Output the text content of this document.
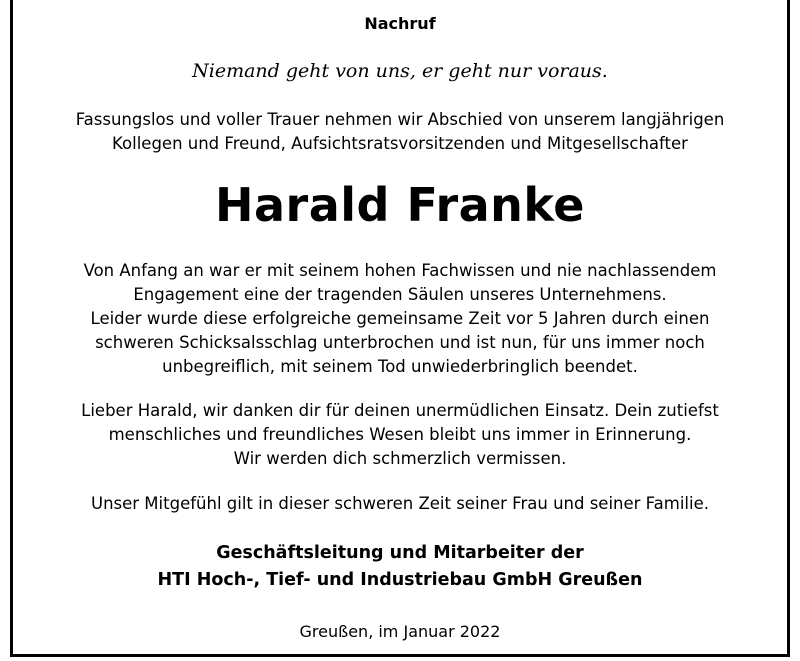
Nachruf
Niemand geht von uns, er geht nur voraus.
Fassungslos und voller Trauer nehmen wir Abschied von unserem langjährigen
Kollegen und Freund, Aufsichtsratsvorsitzenden und Mitgesellschafter
Harald Franke
Von Anfang an war er mit seinem hohen Fachwissen und nie nachlassendem
Engagement eine der tragenden Säulen unseres Unternehmens.
Leider wurde diese erfolgreiche gemeinsame Zeit vor 5 Jahren durch einen
schweren Schicksalsschlag unterbrochen und ist nun, für uns immer noch
unbegreiflich, mit seinem Tod unwiederbringlich beendet.
Lieber Harald, wir danken dir für deinen unermüdlichen Einsatz. Dein zutiefst
menschliches und freundliches Wesen bleibt uns immer in Erinnerung.
Wir werden dich schmerzlich vermissen.
Unser Mitgefühl gilt in dieser schweren Zeit seiner Frau und seiner Familie.
Geschäftsleitung und Mitarbeiter der
HTI Hoch-, Tief- und Industriebau GmbH Greußen
Greußen, im Januar 2022
